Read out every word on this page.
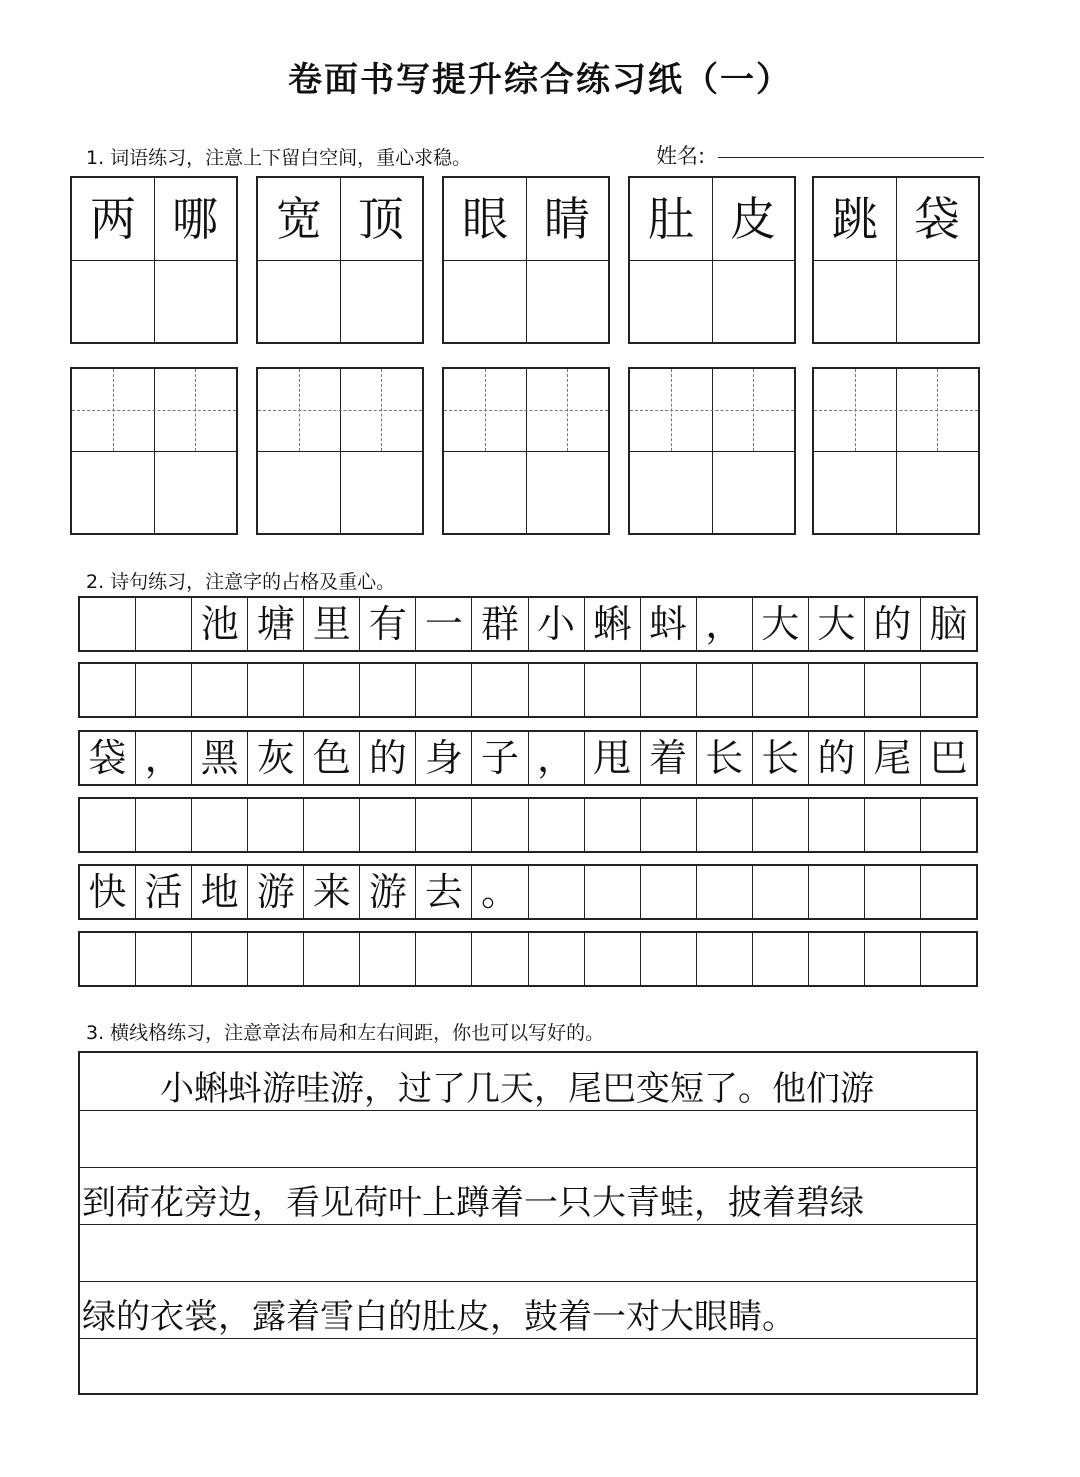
卷面书写提升综合练习纸（一）
1. 词语练习，注意上下留白空间，重心求稳。	姓名:
两 哪 宽 顶 眼 睛 肚 皮 跳 袋
2. 诗句练习，注意字的占格及重心。
池 塘 里 有 一 群 小 蝌 蚪 ， 大 大 的 脑
袋 ， 黑 灰 色 的 身 子 ， 甩 着 长 长 的 尾 巴
快 活 地 游 来 游 去 。
3. 横线格练习，注意章法布局和左右间距，你也可以写好的。
小蝌蚪游哇游，过了几天，尾巴变短了。他们游
到荷花旁边，看见荷叶上蹲着一只大青蛙，披着碧绿
绿的衣裳，露着雪白的肚皮，鼓着一对大眼睛。
